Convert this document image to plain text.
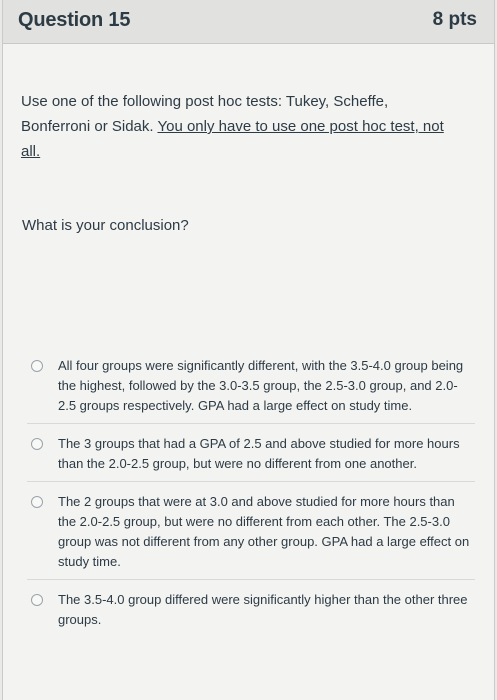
Question 15	8 pts
Use one of the following post hoc tests: Tukey, Scheffe, Bonferroni or Sidak. You only have to use one post hoc test, not all.
What is your conclusion?
All four groups were significantly different, with the 3.5-4.0 group being the highest, followed by the 3.0-3.5 group, the 2.5-3.0 group, and 2.0-2.5 groups respectively. GPA had a large effect on study time.
The 3 groups that had a GPA of 2.5 and above studied for more hours than the 2.0-2.5 group, but were no different from one another.
The 2 groups that were at 3.0 and above studied for more hours than the 2.0-2.5 group, but were no different from each other. The 2.5-3.0 group was not different from any other group. GPA had a large effect on study time.
The 3.5-4.0 group differed were significantly higher than the other three groups.
